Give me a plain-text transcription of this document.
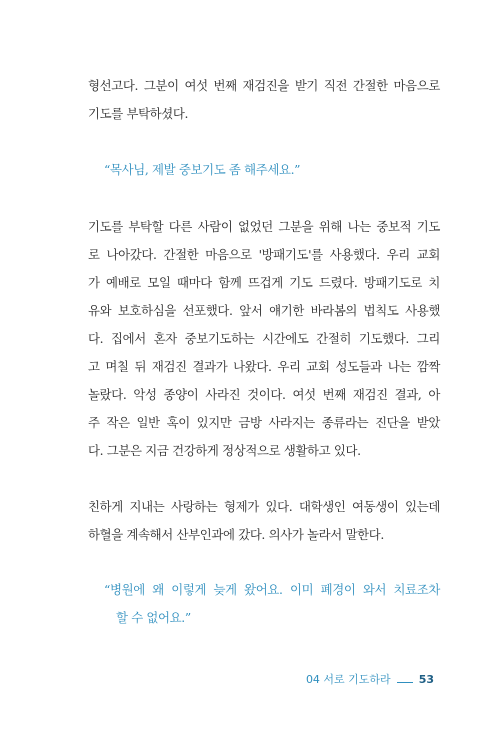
형선고다. 그분이 여섯 번째 재검진을 받기 직전 간절한 마음으로
기도를 부탁하셨다.
“목사님, 제발 중보기도 좀 해주세요.”
기도를 부탁할 다른 사람이 없었던 그분을 위해 나는 중보적 기도
로 나아갔다. 간절한 마음으로 '방패기도'를 사용했다. 우리 교회
가 예배로 모일 때마다 함께 뜨겁게 기도 드렸다. 방패기도로 치
유와 보호하심을 선포했다. 앞서 얘기한 바라봄의 법칙도 사용했
다. 집에서 혼자 중보기도하는 시간에도 간절히 기도했다. 그리
고 며칠 뒤 재검진 결과가 나왔다. 우리 교회 성도들과 나는 깜짝
놀랐다. 악성 종양이 사라진 것이다. 여섯 번째 재검진 결과, 아
주 작은 일반 혹이 있지만 금방 사라지는 종류라는 진단을 받았
다. 그분은 지금 건강하게 정상적으로 생활하고 있다.
친하게 지내는 사랑하는 형제가 있다. 대학생인 여동생이 있는데
하혈을 계속해서 산부인과에 갔다. 의사가 놀라서 말한다.
“병원에 왜 이렇게 늦게 왔어요. 이미 폐경이 와서 치료조차
할 수 없어요.”
04 서로 기도하라	53
